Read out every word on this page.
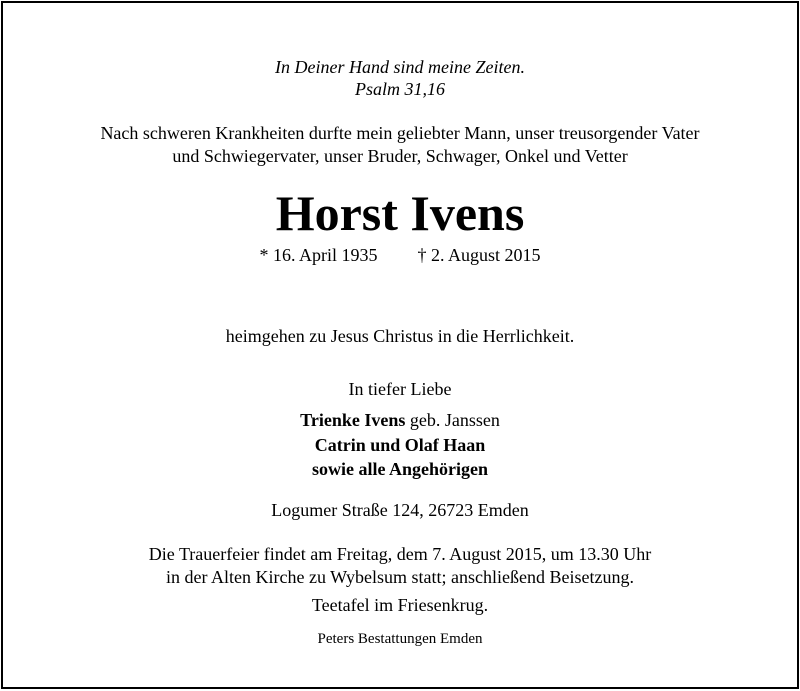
In Deiner Hand sind meine Zeiten.
Psalm 31,16
Nach schweren Krankheiten durfte mein geliebter Mann, unser treusorgender Vater
und Schwiegervater, unser Bruder, Schwager, Onkel und Vetter
Horst Ivens
* 16. April 1935 † 2. August 2015
heimgehen zu Jesus Christus in die Herrlichkeit.
In tiefer Liebe
Trienke Ivens geb. Janssen
Catrin und Olaf Haan
sowie alle Angehörigen
Logumer Straße 124, 26723 Emden
Die Trauerfeier findet am Freitag, dem 7. August 2015, um 13.30 Uhr
in der Alten Kirche zu Wybelsum statt; anschließend Beisetzung.
Teetafel im Friesenkrug.
Peters Bestattungen Emden
